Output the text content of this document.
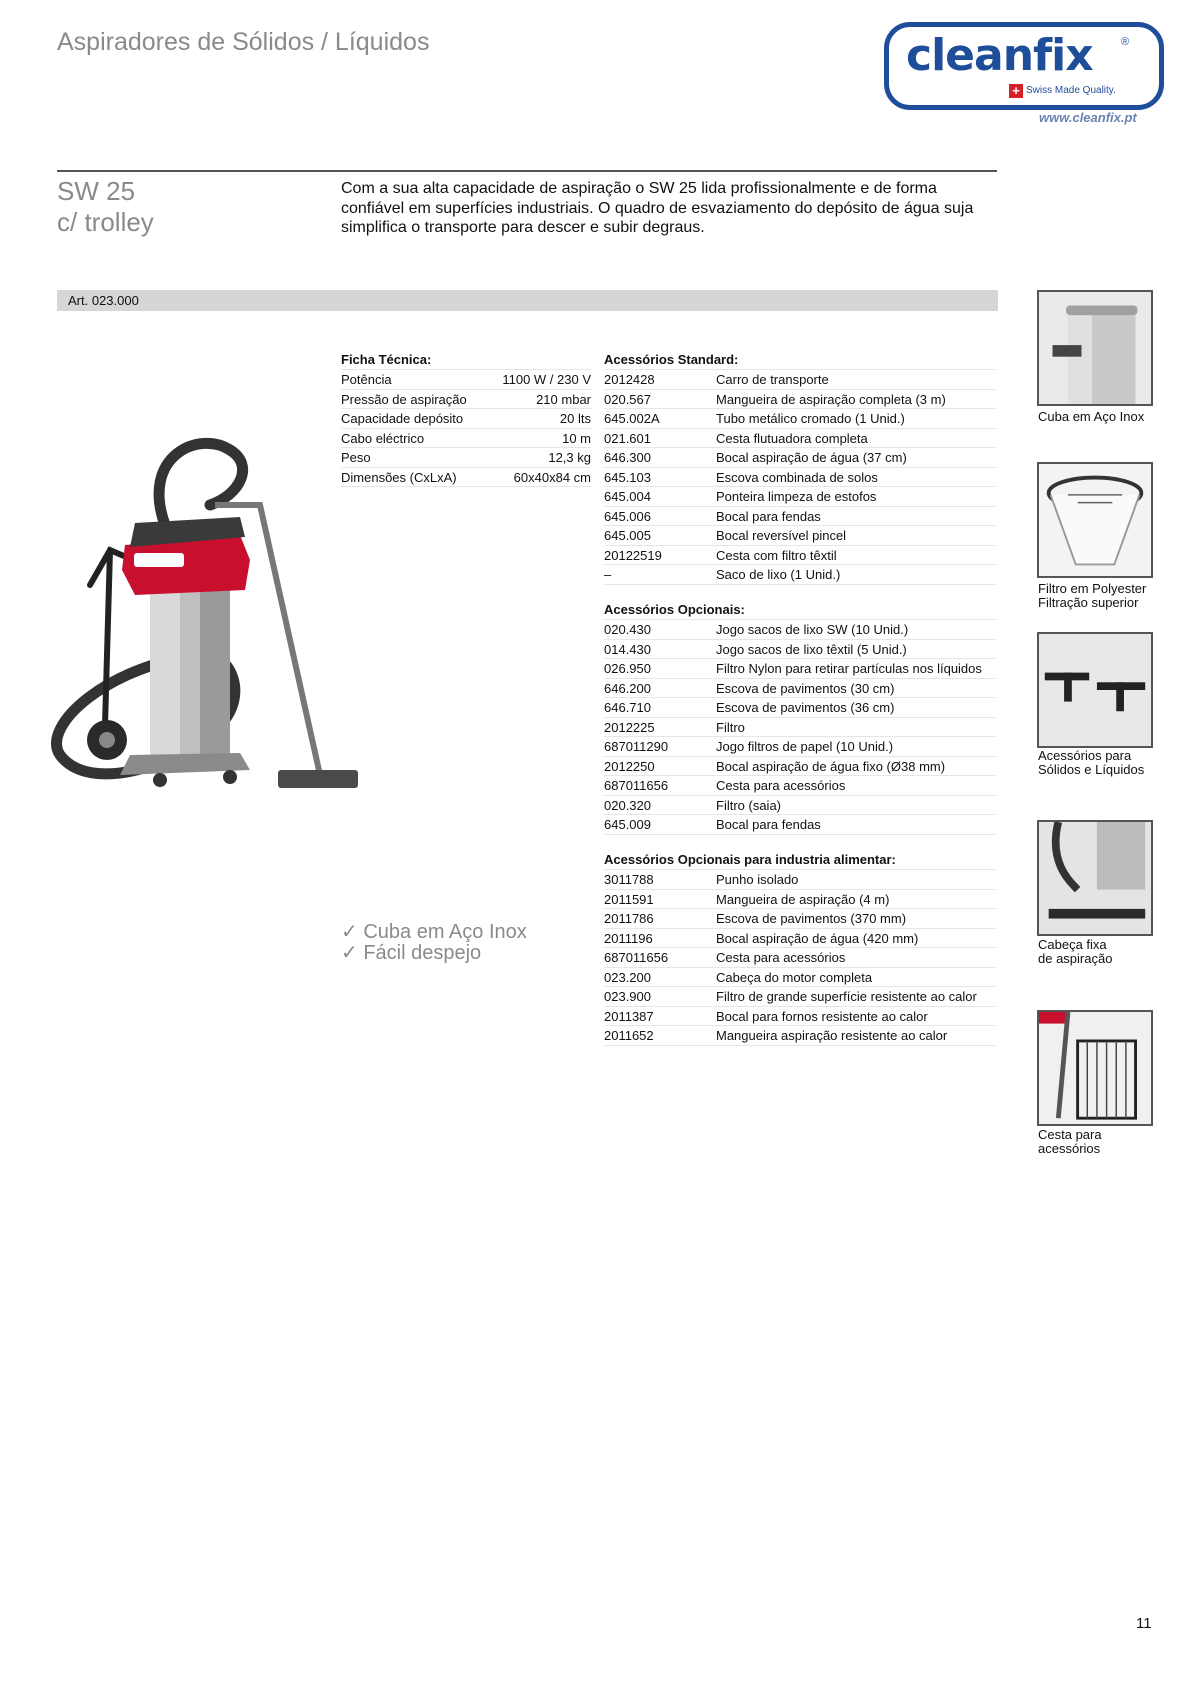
Aspiradores de Sólidos / Líquidos	cleanfix	®
+ Swiss Made Quality.
www.cleanfix.pt
SW 25
c/ trolley
Com a sua alta capacidade de aspiração o SW 25 lida profissionalmente e de forma confiável em superfícies industriais. O quadro de esvaziamento do depósito de água suja simplifica o transporte para descer e subir degraus.
Art. 023.000
Ficha Técnica:
Potência	1100 W / 230 V
Pressão de aspiração	210 mbar
Capacidade depósito	20 lts
Cabo eléctrico	10 m
Peso	12,3 kg
Dimensões (CxLxA)	60x40x84 cm
Acessórios Standard:
2012428	Carro de transporte
020.567	Mangueira de aspiração completa (3 m)
645.002A	Tubo metálico cromado (1 Unid.)
021.601	Cesta flutuadora completa
646.300	Bocal aspiração de água (37 cm)
645.103	Escova combinada de solos
645.004	Ponteira limpeza de estofos
645.006	Bocal para fendas
645.005	Bocal reversível pincel
20122519	Cesta com filtro têxtil
–	Saco de lixo (1 Unid.)
Acessórios Opcionais:
020.430	Jogo sacos de lixo SW (10 Unid.)
014.430	Jogo sacos de lixo têxtil (5 Unid.)
026.950	Filtro Nylon para retirar partículas nos líquidos
646.200	Escova de pavimentos (30 cm)
646.710	Escova de pavimentos (36 cm)
2012225	Filtro
687011290	Jogo filtros de papel (10 Unid.)
2012250	Bocal aspiração de água fixo (Ø38 mm)
687011656	Cesta para acessórios
020.320	Filtro (saia)
645.009	Bocal para fendas
Acessórios Opcionais para industria alimentar:
3011788	Punho isolado
2011591	Mangueira de aspiração (4 m)
2011786	Escova de pavimentos (370 mm)
2011196	Bocal aspiração de água (420 mm)
687011656	Cesta para acessórios
023.200	Cabeça do motor completa
023.900	Filtro de grande superfície resistente ao calor
2011387	Bocal para fornos resistente ao calor
2011652	Mangueira aspiração resistente ao calor
✓ Cuba em Aço Inox
✓ Fácil despejo
Cuba em Aço Inox
Filtro em Polyester
Filtração superior
Acessórios para
Sólidos e Líquidos
Cabeça fixa
de aspiração
Cesta para
acessórios
11
